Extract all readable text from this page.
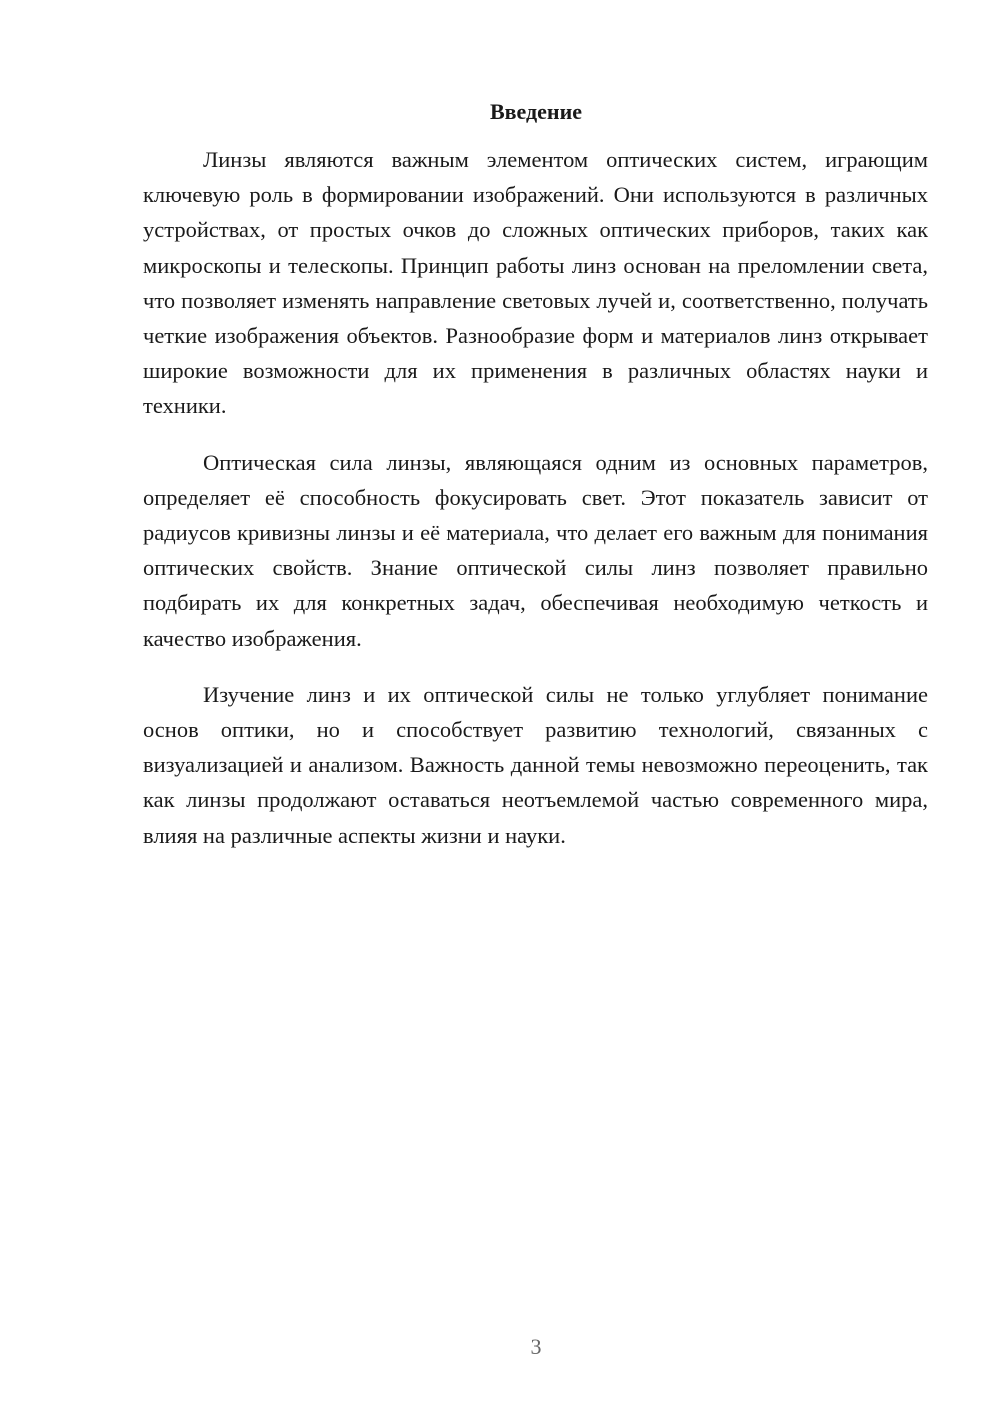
Введение

Линзы являются важным элементом оптических систем, играющим ключевую роль в формировании изображений. Они используются в различных устройствах, от простых очков до сложных оптических приборов, таких как микроскопы и телескопы. Принцип работы линз основан на преломлении света, что позволяет изменять направление световых лучей и, соответственно, получать четкие изображения объектов. Разнообразие форм и материалов линз открывает широкие возможности для их применения в различных областях науки и техники.

Оптическая сила линзы, являющаяся одним из основных параметров, определяет её способность фокусировать свет. Этот показатель зависит от радиусов кривизны линзы и её материала, что делает его важным для понимания оптических свойств. Знание оптической силы линз позволяет правильно подбирать их для конкретных задач, обеспечивая необходимую четкость и качество изображения.

Изучение линз и их оптической силы не только углубляет понимание основ оптики, но и способствует развитию технологий, связанных с визуализацией и анализом. Важность данной темы невозможно переоценить, так как линзы продолжают оставаться неотъемлемой частью современного мира, влияя на различные аспекты жизни и науки.

3
